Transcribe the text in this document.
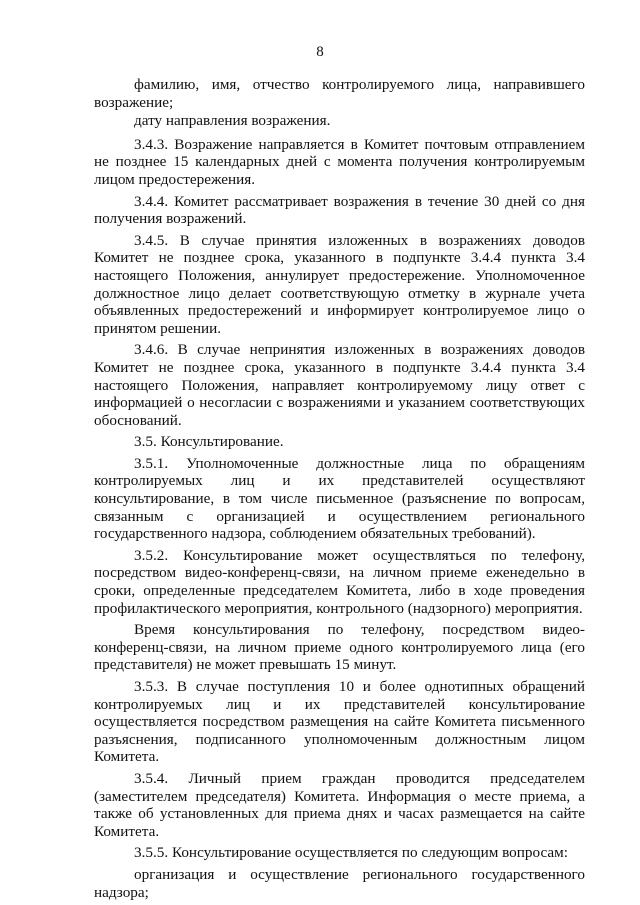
8

фамилию, имя, отчество контролируемого лица, направившего возражение;

дату направления возражения.

3.4.3. Возражение направляется в Комитет почтовым отправлением не позднее 15 календарных дней с момента получения контролируемым лицом предостережения.

3.4.4. Комитет рассматривает возражения в течение 30 дней со дня получения возражений.

3.4.5. В случае принятия изложенных в возражениях доводов Комитет не позднее срока, указанного в подпункте 3.4.4 пункта 3.4 настоящего Положения, аннулирует предостережение. Уполномоченное должностное лицо делает соответствующую отметку в журнале учета объявленных предостережений и информирует контролируемое лицо о принятом решении.

3.4.6. В случае непринятия изложенных в возражениях доводов Комитет не позднее срока, указанного в подпункте 3.4.4 пункта 3.4 настоящего Положения, направляет контролируемому лицу ответ с информацией о несогласии с возражениями и указанием соответствующих обоснований.

3.5. Консультирование.

3.5.1. Уполномоченные должностные лица по обращениям контролируемых лиц и их представителей осуществляют консультирование, в том числе письменное (разъяснение по вопросам, связанным с организацией и осуществлением регионального государственного надзора, соблюдением обязательных требований).

3.5.2. Консультирование может осуществляться по телефону, посредством видео-конференц-связи, на личном приеме еженедельно в сроки, определенные председателем Комитета, либо в ходе проведения профилактического мероприятия, контрольного (надзорного) мероприятия.

Время консультирования по телефону, посредством видео-конференц-связи, на личном приеме одного контролируемого лица (его представителя) не может превышать 15 минут.

3.5.3. В случае поступления 10 и более однотипных обращений контролируемых лиц и их представителей консультирование осуществляется посредством размещения на сайте Комитета письменного разъяснения, подписанного уполномоченным должностным лицом Комитета.

3.5.4. Личный прием граждан проводится председателем (заместителем председателя) Комитета. Информация о месте приема, а также об установленных для приема днях и часах размещается на сайте Комитета.

3.5.5. Консультирование осуществляется по следующим вопросам:

организация и осуществление регионального государственного надзора;
